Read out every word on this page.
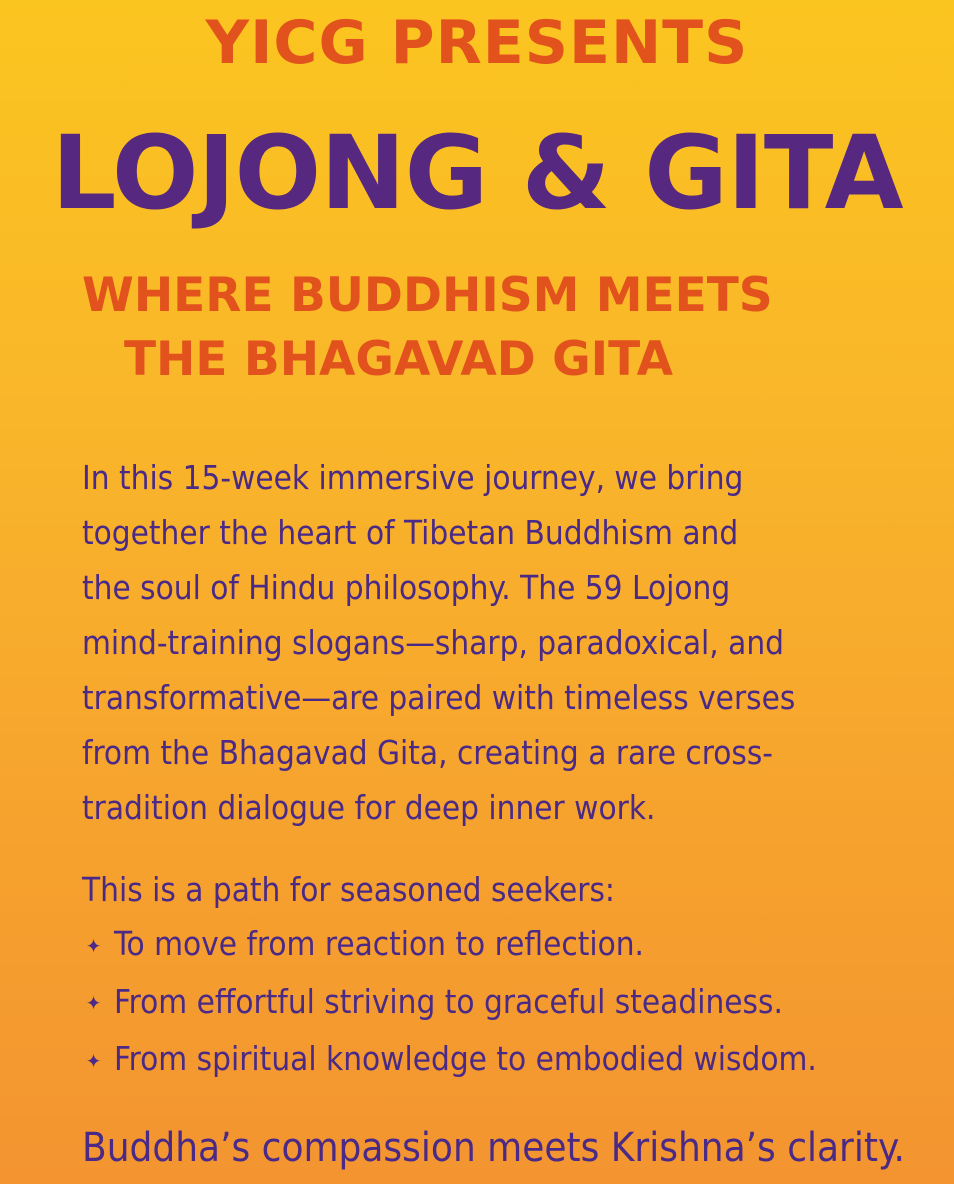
YICG PRESENTS
LOJONG & GITA
WHERE BUDDHISM MEETS
THE BHAGAVAD GITA
In this 15-week immersive journey, we bring
together the heart of Tibetan Buddhism and
the soul of Hindu philosophy. The 59 Lojong
mind-training slogans—sharp, paradoxical, and
transformative—are paired with timeless verses
from the Bhagavad Gita, creating a rare cross-
tradition dialogue for deep inner work.
This is a path for seasoned seekers:
✦ To move from reaction to reflection.
✦ From effortful striving to graceful steadiness.
✦ From spiritual knowledge to embodied wisdom.
Buddha’s compassion meets Krishna’s clarity.
